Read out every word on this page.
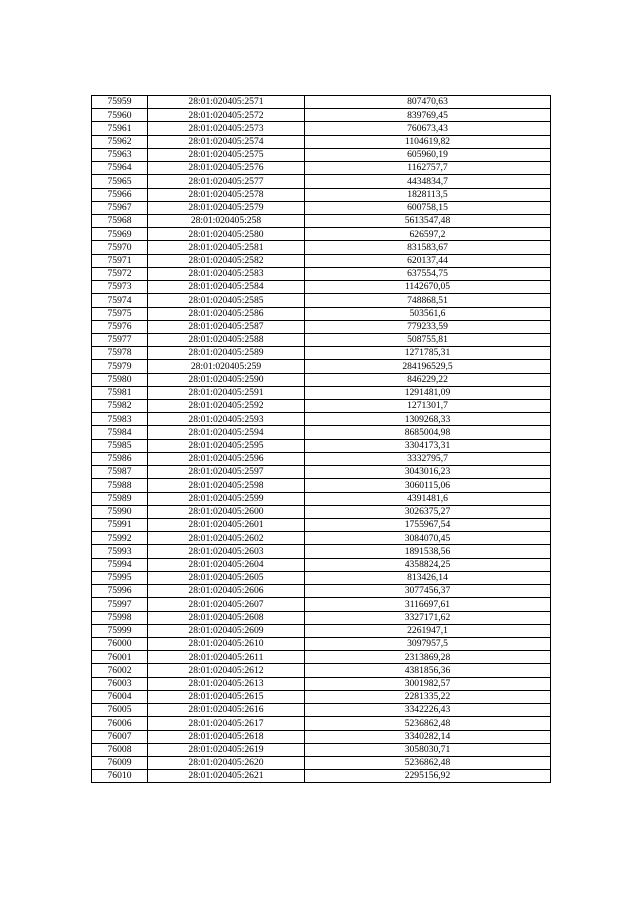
75959	28:01:020405:2571	807470,63
75960	28:01:020405:2572	839769,45
75961	28:01:020405:2573	760673,43
75962	28:01:020405:2574	1104619,82
75963	28:01:020405:2575	605960,19
75964	28:01:020405:2576	1162757,7
75965	28:01:020405:2577	4434834,7
75966	28:01:020405:2578	1828113,5
75967	28:01:020405:2579	600758,15
75968	28:01:020405:258	5613547,48
75969	28:01:020405:2580	626597,2
75970	28:01:020405:2581	831583,67
75971	28:01:020405:2582	620137,44
75972	28:01:020405:2583	637554,75
75973	28:01:020405:2584	1142670,05
75974	28:01:020405:2585	748868,51
75975	28:01:020405:2586	503561,6
75976	28:01:020405:2587	779233,59
75977	28:01:020405:2588	508755,81
75978	28:01:020405:2589	1271785,31
75979	28:01:020405:259	284196529,5
75980	28:01:020405:2590	846229,22
75981	28:01:020405:2591	1291481,09
75982	28:01:020405:2592	1271301,7
75983	28:01:020405:2593	1309268,33
75984	28:01:020405:2594	8685004,98
75985	28:01:020405:2595	3304173,31
75986	28:01:020405:2596	3332795,7
75987	28:01:020405:2597	3043016,23
75988	28:01:020405:2598	3060115,06
75989	28:01:020405:2599	4391481,6
75990	28:01:020405:2600	3026375,27
75991	28:01:020405:2601	1755967,54
75992	28:01:020405:2602	3084070,45
75993	28:01:020405:2603	1891538,56
75994	28:01:020405:2604	4358824,25
75995	28:01:020405:2605	813426,14
75996	28:01:020405:2606	3077456,37
75997	28:01:020405:2607	3116697,61
75998	28:01:020405:2608	3327171,62
75999	28:01:020405:2609	2261947,1
76000	28:01:020405:2610	3097957,5
76001	28:01:020405:2611	2313869,28
76002	28:01:020405:2612	4381856,36
76003	28:01:020405:2613	3001982,57
76004	28:01:020405:2615	2281335,22
76005	28:01:020405:2616	3342226,43
76006	28:01:020405:2617	5236862,48
76007	28:01:020405:2618	3340282,14
76008	28:01:020405:2619	3058030,71
76009	28:01:020405:2620	5236862,48
76010	28:01:020405:2621	2295156,92
